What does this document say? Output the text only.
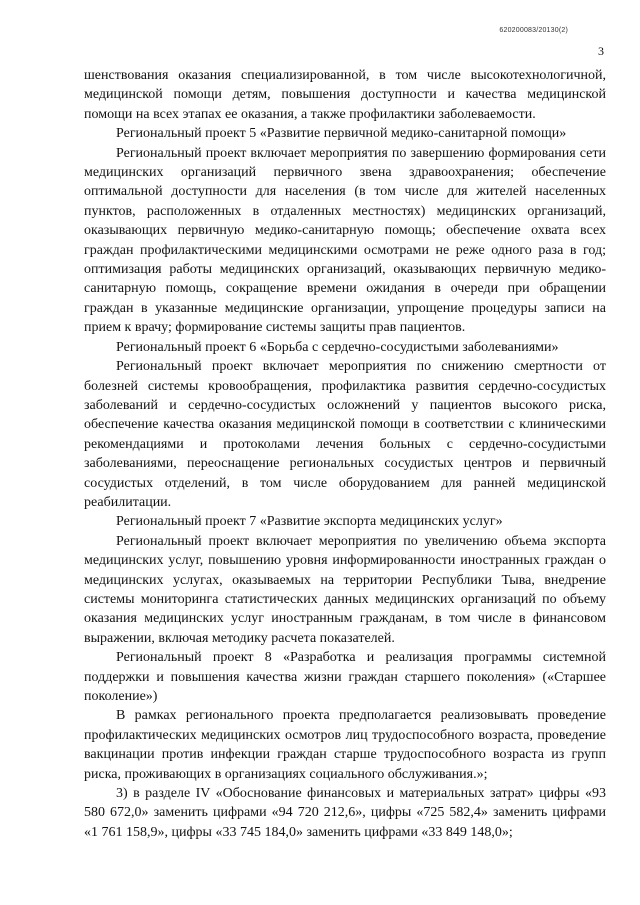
620200083/20130(2)
3

шенствования оказания специализированной, в том числе высокотехнологичной, медицинской помощи детям, повышения доступности и качества медицинской помощи на всех этапах ее оказания, а также профилактики заболеваемости.

Региональный проект 5 «Развитие первичной медико-санитарной помощи»

Региональный проект включает мероприятия по завершению формирования сети медицинских организаций первичного звена здравоохранения; обеспечение оптимальной доступности для населения (в том числе для жителей населенных пунктов, расположенных в отдаленных местностях) медицинских организаций, оказывающих первичную медико-санитарную помощь; обеспечение охвата всех граждан профилактическими медицинскими осмотрами не реже одного раза в год; оптимизация работы медицинских организаций, оказывающих первичную медико-санитарную помощь, сокращение времени ожидания в очереди при обращении граждан в указанные медицинские организации, упрощение процедуры записи на прием к врачу; формирование системы защиты прав пациентов.

Региональный проект 6 «Борьба с сердечно-сосудистыми заболеваниями»

Региональный проект включает мероприятия по снижению смертности от болезней системы кровообращения, профилактика развития сердечно-сосудистых заболеваний и сердечно-сосудистых осложнений у пациентов высокого риска, обеспечение качества оказания медицинской помощи в соответствии с клиническими рекомендациями и протоколами лечения больных с сердечно-сосудистыми заболеваниями, переоснащение региональных сосудистых центров и первичный сосудистых отделений, в том числе оборудованием для ранней медицинской реабилитации.

Региональный проект 7 «Развитие экспорта медицинских услуг»

Региональный проект включает мероприятия по увеличению объема экспорта медицинских услуг, повышению уровня информированности иностранных граждан о медицинских услугах, оказываемых на территории Республики Тыва, внедрение системы мониторинга статистических данных медицинских организаций по объему оказания медицинских услуг иностранным гражданам, в том числе в финансовом выражении, включая методику расчета показателей.

Региональный проект 8 «Разработка и реализация программы системной поддержки и повышения качества жизни граждан старшего поколения» («Старшее поколение»)

В рамках регионального проекта предполагается реализовывать проведение профилактических медицинских осмотров лиц трудоспособного возраста, проведение вакцинации против инфекции граждан старше трудоспособного возраста из групп риска, проживающих в организациях социального обслуживания.»;

3) в разделе IV «Обоснование финансовых и материальных затрат» цифры «93 580 672,0» заменить цифрами «94 720 212,6», цифры «725 582,4» заменить цифрами «1 761 158,9», цифры «33 745 184,0» заменить цифрами «33 849 148,0»;
